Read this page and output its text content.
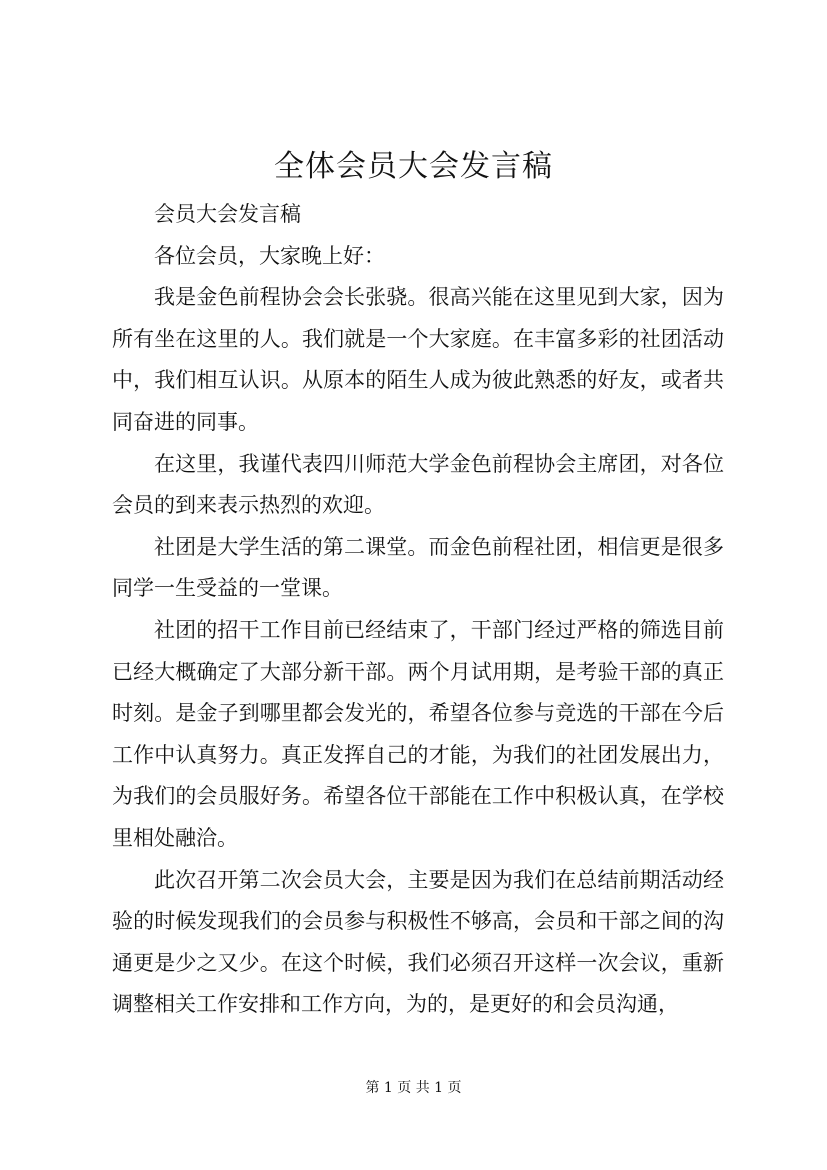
全体会员大会发言稿

会员大会发言稿

各位会员，大家晚上好：

我是金色前程协会会长张骁。很高兴能在这里见到大家，因为所有坐在这里的人。我们就是一个大家庭。在丰富多彩的社团活动中，我们相互认识。从原本的陌生人成为彼此熟悉的好友，或者共同奋进的同事。

在这里，我谨代表四川师范大学金色前程协会主席团，对各位会员的到来表示热烈的欢迎。

社团是大学生活的第二课堂。而金色前程社团，相信更是很多同学一生受益的一堂课。

社团的招干工作目前已经结束了，干部门经过严格的筛选目前已经大概确定了大部分新干部。两个月试用期，是考验干部的真正时刻。是金子到哪里都会发光的，希望各位参与竞选的干部在今后工作中认真努力。真正发挥自己的才能，为我们的社团发展出力，为我们的会员服好务。希望各位干部能在工作中积极认真，在学校里相处融洽。

此次召开第二次会员大会，主要是因为我们在总结前期活动经验的时候发现我们的会员参与积极性不够高，会员和干部之间的沟通更是少之又少。在这个时候，我们必须召开这样一次会议，重新调整相关工作安排和工作方向，为的，是更好的和会员沟通，

第 1 页 共 1 页
